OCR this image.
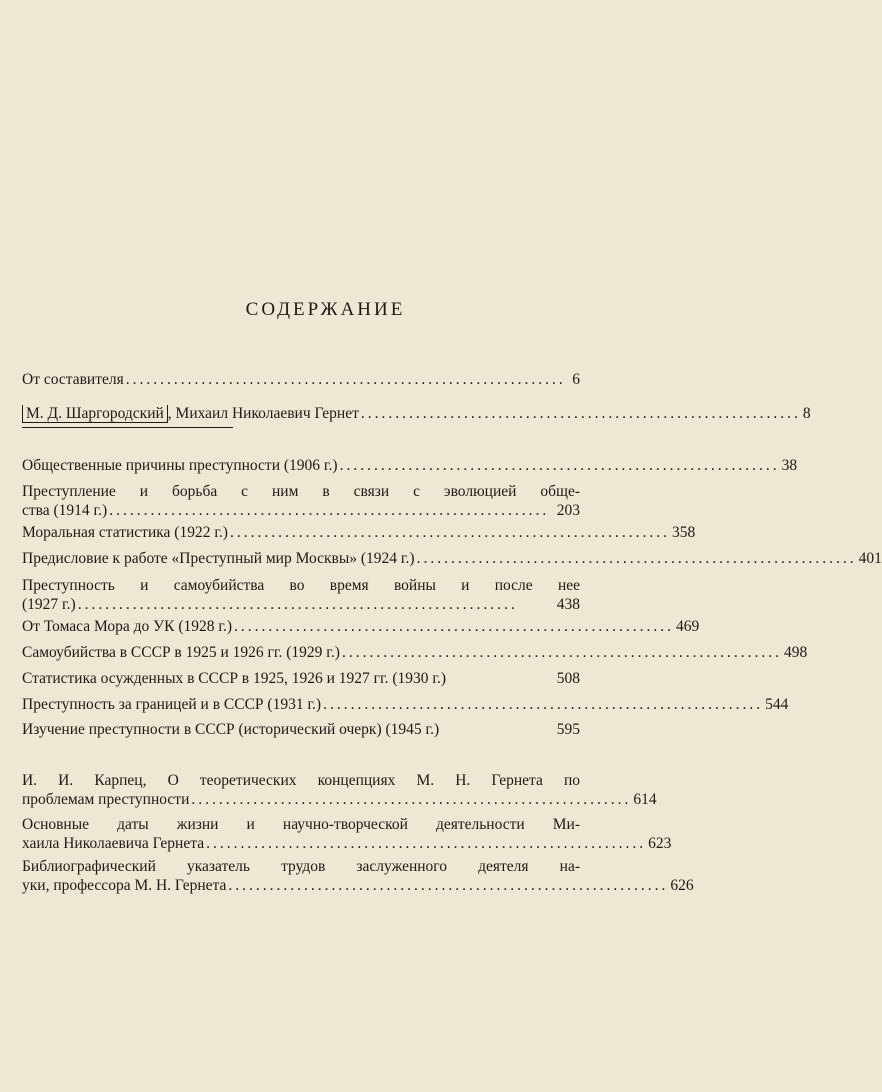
СОДЕРЖАНИЕ
От составителя ................................................................ 6
М. Д. Шаргородский , Михаил Николаевич Гернет ................................................................ 8
Общественные причины преступности (1906 г.) ................................................................ 38
Преступление и борьба с ним в связи с эволюцией обще-
ства (1914 г.) ................................................................ 203
Моральная статистика (1922 г.) ................................................................ 358
Предисловие к работе «Преступный мир Москвы» (1924 г.) ................................................................ 401
Преступность и самоубийства во время войны и после нее
(1927 г.) ................................................................	438
От Томаса Мора до УК (1928 г.) ................................................................ 469
Самоубийства в СССР в 1925 и 1926 гг. (1929 г.) ................................................................ 498
Статистика осужденных в СССР в 1925, 1926 и 1927 гг. (1930 г.)	508
Преступность за границей и в СССР (1931 г.) ................................................................ 544
Изучение преступности в СССР (исторический очерк) (1945 г.)	595
И. И. Карпец, О теоретических концепциях М. Н. Гернета по
проблемам преступности ................................................................ 614
Основные даты жизни и научно-творческой деятельности Ми-
хаила Николаевича Гернета ................................................................ 623
Библиографический указатель трудов заслуженного деятеля на-
уки, профессора М. Н. Гернета ................................................................ 626
